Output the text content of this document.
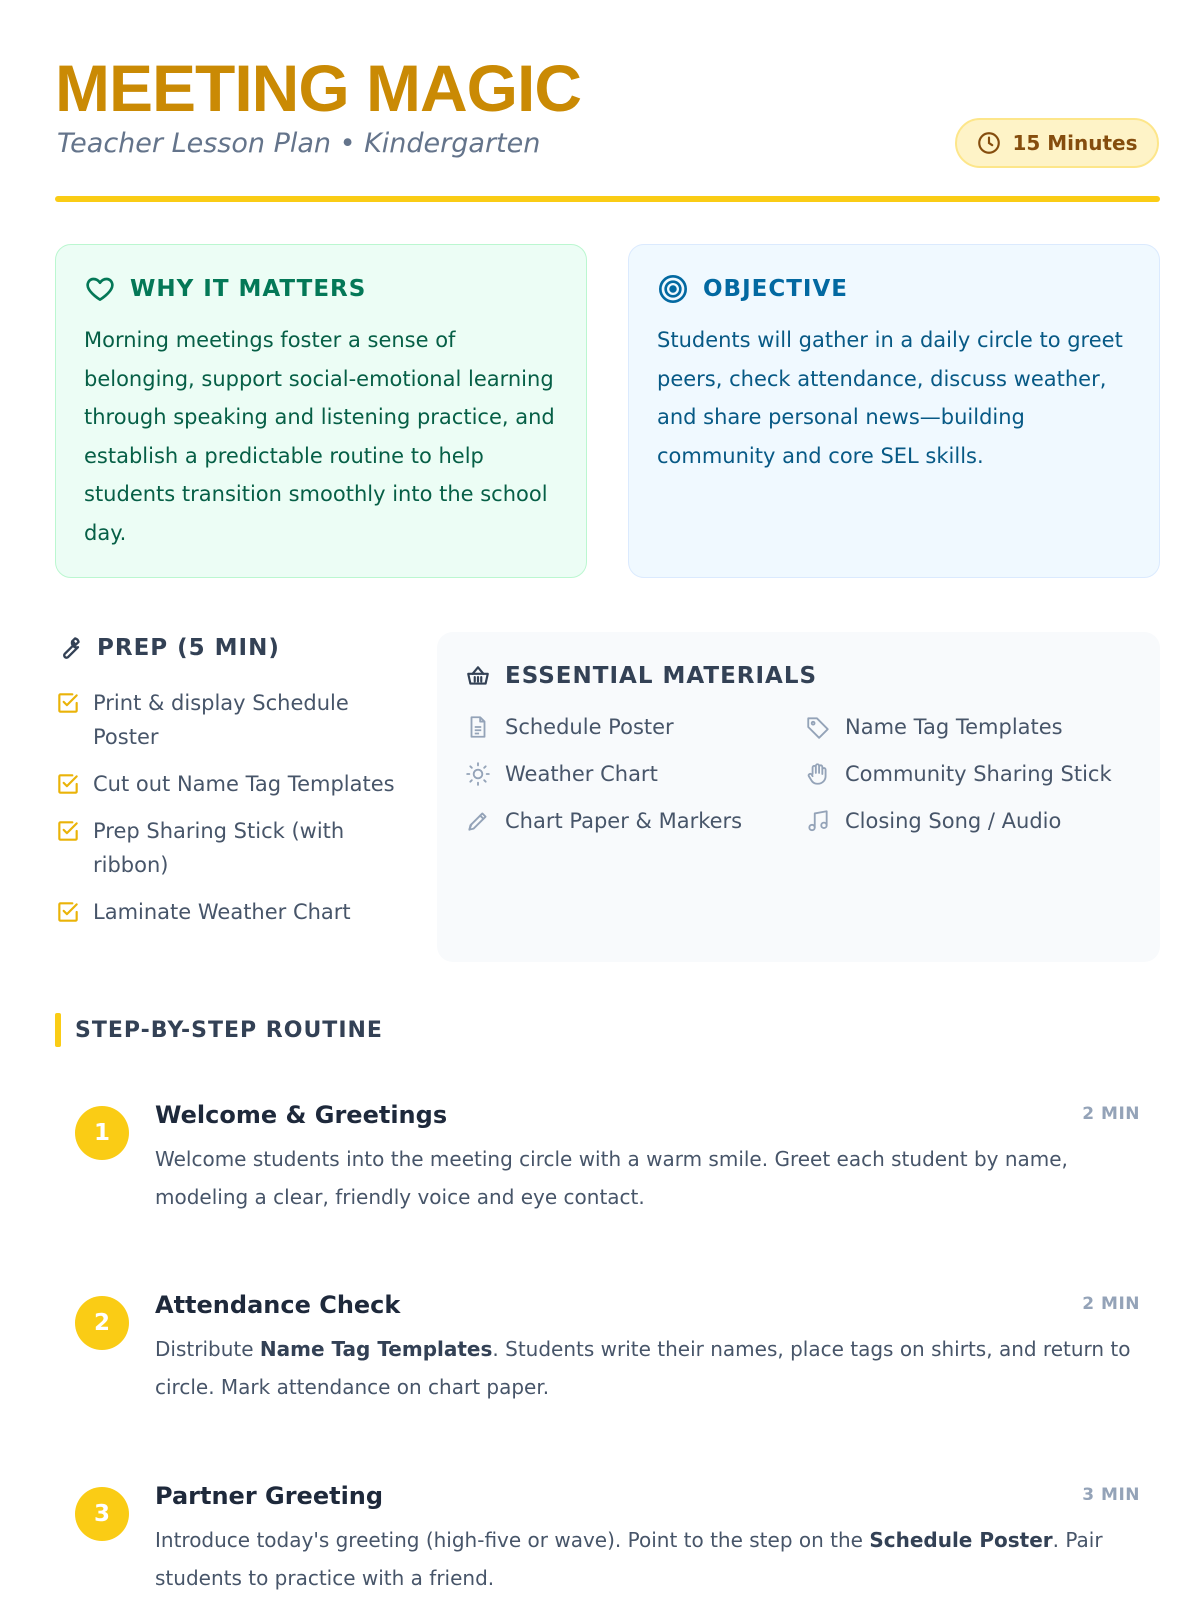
MEETING MAGIC
Teacher Lesson Plan • Kindergarten	15 Minutes
WHY IT MATTERS

Morning meetings foster a sense of belonging, support social-emotional learning through speaking and listening practice, and establish a predictable routine to help students transition smoothly into the school day.

OBJECTIVE

Students will gather in a daily circle to greet peers, check attendance, discuss weather, and share personal news—building community and core SEL skills.

PREP (5 MIN)
Print & display Schedule Poster
Cut out Name Tag Templates
Prep Sharing Stick (with ribbon)
Laminate Weather Chart
ESSENTIAL MATERIALS
Schedule Poster	Name Tag Templates
Weather Chart	Community Sharing Stick
Chart Paper & Markers	Closing Song / Audio
STEP-BY-STEP ROUTINE
1
Welcome & Greetings	2 MIN

Welcome students into the meeting circle with a warm smile. Greet each student by name, modeling a clear, friendly voice and eye contact.

2
Attendance Check	2 MIN

Distribute Name Tag Templates. Students write their names, place tags on shirts, and return to circle. Mark attendance on chart paper.

3
Partner Greeting	3 MIN

Introduce today's greeting (high-five or wave). Point to the step on the Schedule Poster. Pair students to practice with a friend.
